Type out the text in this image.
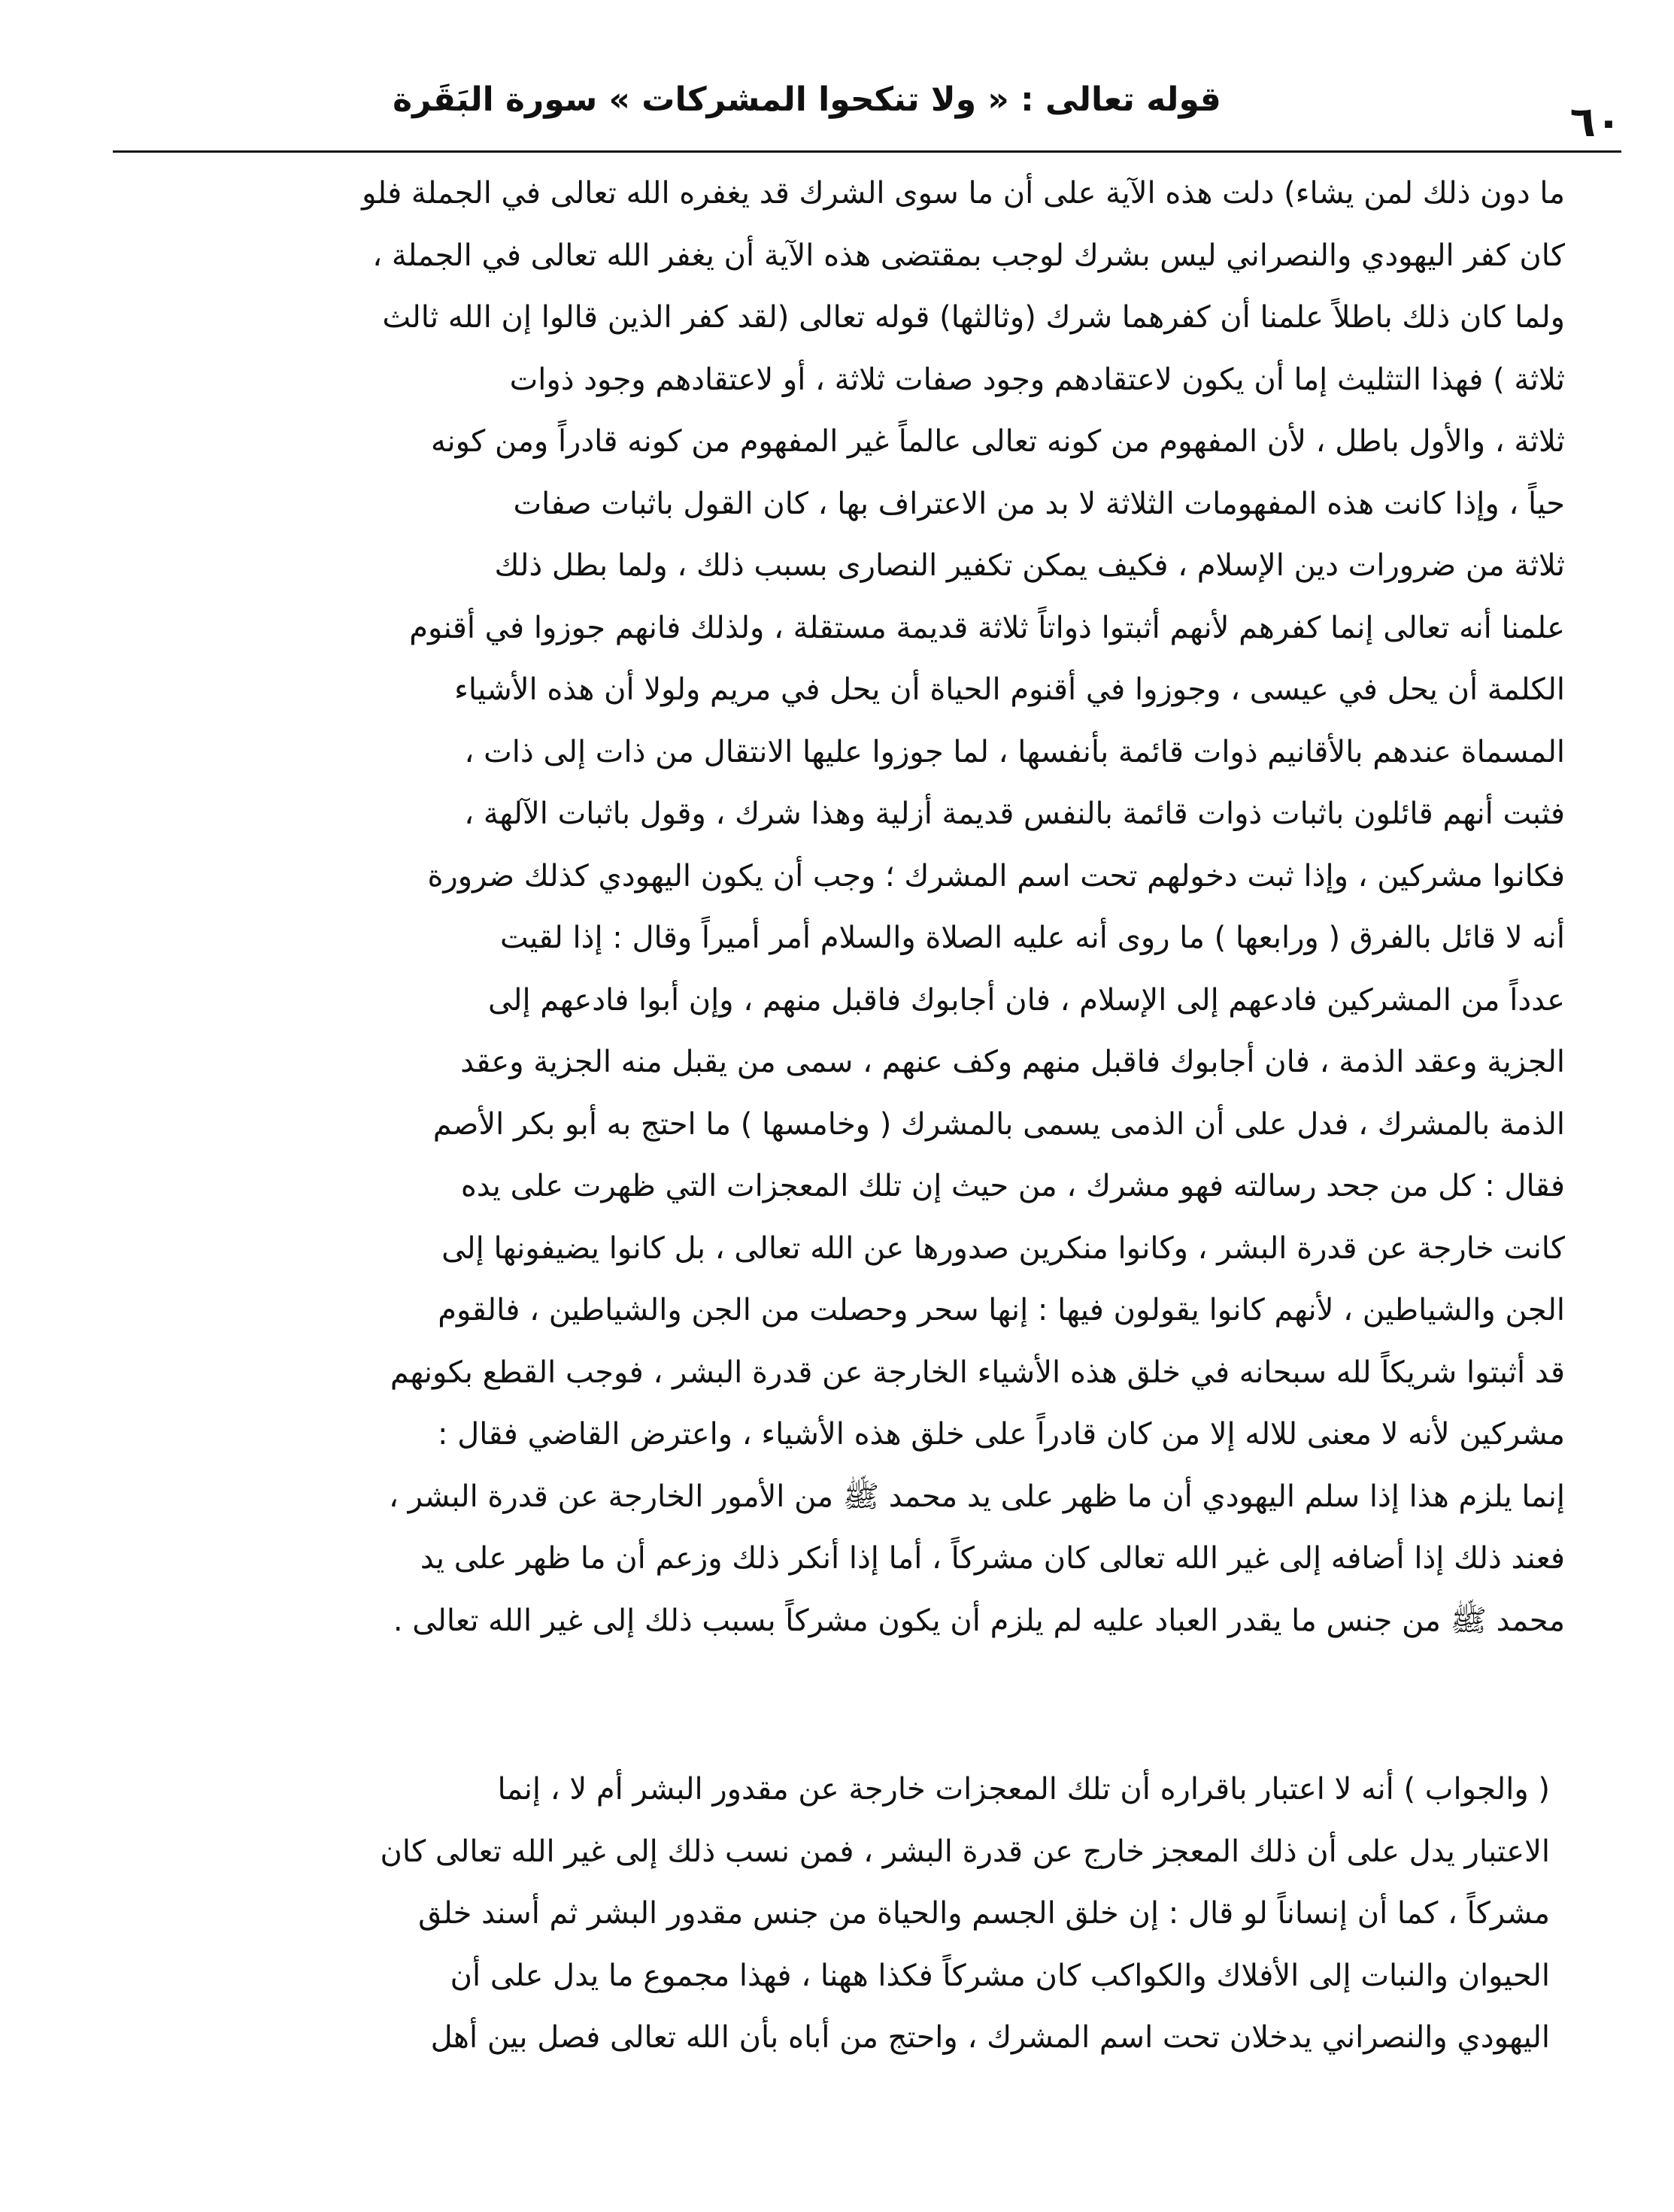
قوله تعالى : « ولا تنكحوا المشركات » سورة البَقَرة	٦٠
ما دون ذلك لمن يشاء) دلت هذه الآية على أن ما سوى الشرك قد يغفره الله تعالى في الجملة فلو
كان كفر اليهودي والنصراني ليس بشرك لوجب بمقتضى هذه الآية أن يغفر الله تعالى في الجملة ،
ولما كان ذلك باطلاً علمنا أن كفرهما شرك (وثالثها) قوله تعالى (لقد كفر الذين قالوا إن الله ثالث
ثلاثة ) فهذا التثليث إما أن يكون لاعتقادهم وجود صفات ثلاثة ، أو لاعتقادهم وجود ذوات
ثلاثة ، والأول باطل ، لأن المفهوم من كونه تعالى عالماً غير المفهوم من كونه قادراً ومن كونه
حياً ، وإذا كانت هذه المفهومات الثلاثة لا بد من الاعتراف بها ، كان القول باثبات صفات
ثلاثة من ضرورات دين الإسلام ، فكيف يمكن تكفير النصارى بسبب ذلك ، ولما بطل ذلك
علمنا أنه تعالى إنما كفرهم لأنهم أثبتوا ذواتاً ثلاثة قديمة مستقلة ، ولذلك فانهم جوزوا في أقنوم
الكلمة أن يحل في عيسى ، وجوزوا في أقنوم الحياة أن يحل في مريم ولولا أن هذه الأشياء
المسماة عندهم بالأقانيم ذوات قائمة بأنفسها ، لما جوزوا عليها الانتقال من ذات إلى ذات ،
فثبت أنهم قائلون باثبات ذوات قائمة بالنفس قديمة أزلية وهذا شرك ، وقول باثبات الآلهة ،
فكانوا مشركين ، وإذا ثبت دخولهم تحت اسم المشرك ؛ وجب أن يكون اليهودي كذلك ضرورة
أنه لا قائل بالفرق ( ورابعها ) ما روى أنه عليه الصلاة والسلام أمر أميراً وقال : إذا لقيت
عدداً من المشركين فادعهم إلى الإسلام ، فان أجابوك فاقبل منهم ، وإن أبوا فادعهم إلى
الجزية وعقد الذمة ، فان أجابوك فاقبل منهم وكف عنهم ، سمى من يقبل منه الجزية وعقد
الذمة بالمشرك ، فدل على أن الذمى يسمى بالمشرك ( وخامسها ) ما احتج به أبو بكر الأصم
فقال : كل من جحد رسالته فهو مشرك ، من حيث إن تلك المعجزات التي ظهرت على يده
كانت خارجة عن قدرة البشر ، وكانوا منكرين صدورها عن الله تعالى ، بل كانوا يضيفونها إلى
الجن والشياطين ، لأنهم كانوا يقولون فيها : إنها سحر وحصلت من الجن والشياطين ، فالقوم
قد أثبتوا شريكاً لله سبحانه في خلق هذه الأشياء الخارجة عن قدرة البشر ، فوجب القطع بكونهم
مشركين لأنه لا معنى للاله إلا من كان قادراً على خلق هذه الأشياء ، واعترض القاضي فقال :
إنما يلزم هذا إذا سلم اليهودي أن ما ظهر على يد محمد ﷺ من الأمور الخارجة عن قدرة البشر ،
فعند ذلك إذا أضافه إلى غير الله تعالى كان مشركاً ، أما إذا أنكر ذلك وزعم أن ما ظهر على يد
محمد ﷺ من جنس ما يقدر العباد عليه لم يلزم أن يكون مشركاً بسبب ذلك إلى غير الله تعالى .
( والجواب ) أنه لا اعتبار باقراره أن تلك المعجزات خارجة عن مقدور البشر أم لا ، إنما
الاعتبار يدل على أن ذلك المعجز خارج عن قدرة البشر ، فمن نسب ذلك إلى غير الله تعالى كان
مشركاً ، كما أن إنساناً لو قال : إن خلق الجسم والحياة من جنس مقدور البشر ثم أسند خلق
الحيوان والنبات إلى الأفلاك والكواكب كان مشركاً فكذا ههنا ، فهذا مجموع ما يدل على أن
اليهودي والنصراني يدخلان تحت اسم المشرك ، واحتج من أباه بأن الله تعالى فصل بين أهل
